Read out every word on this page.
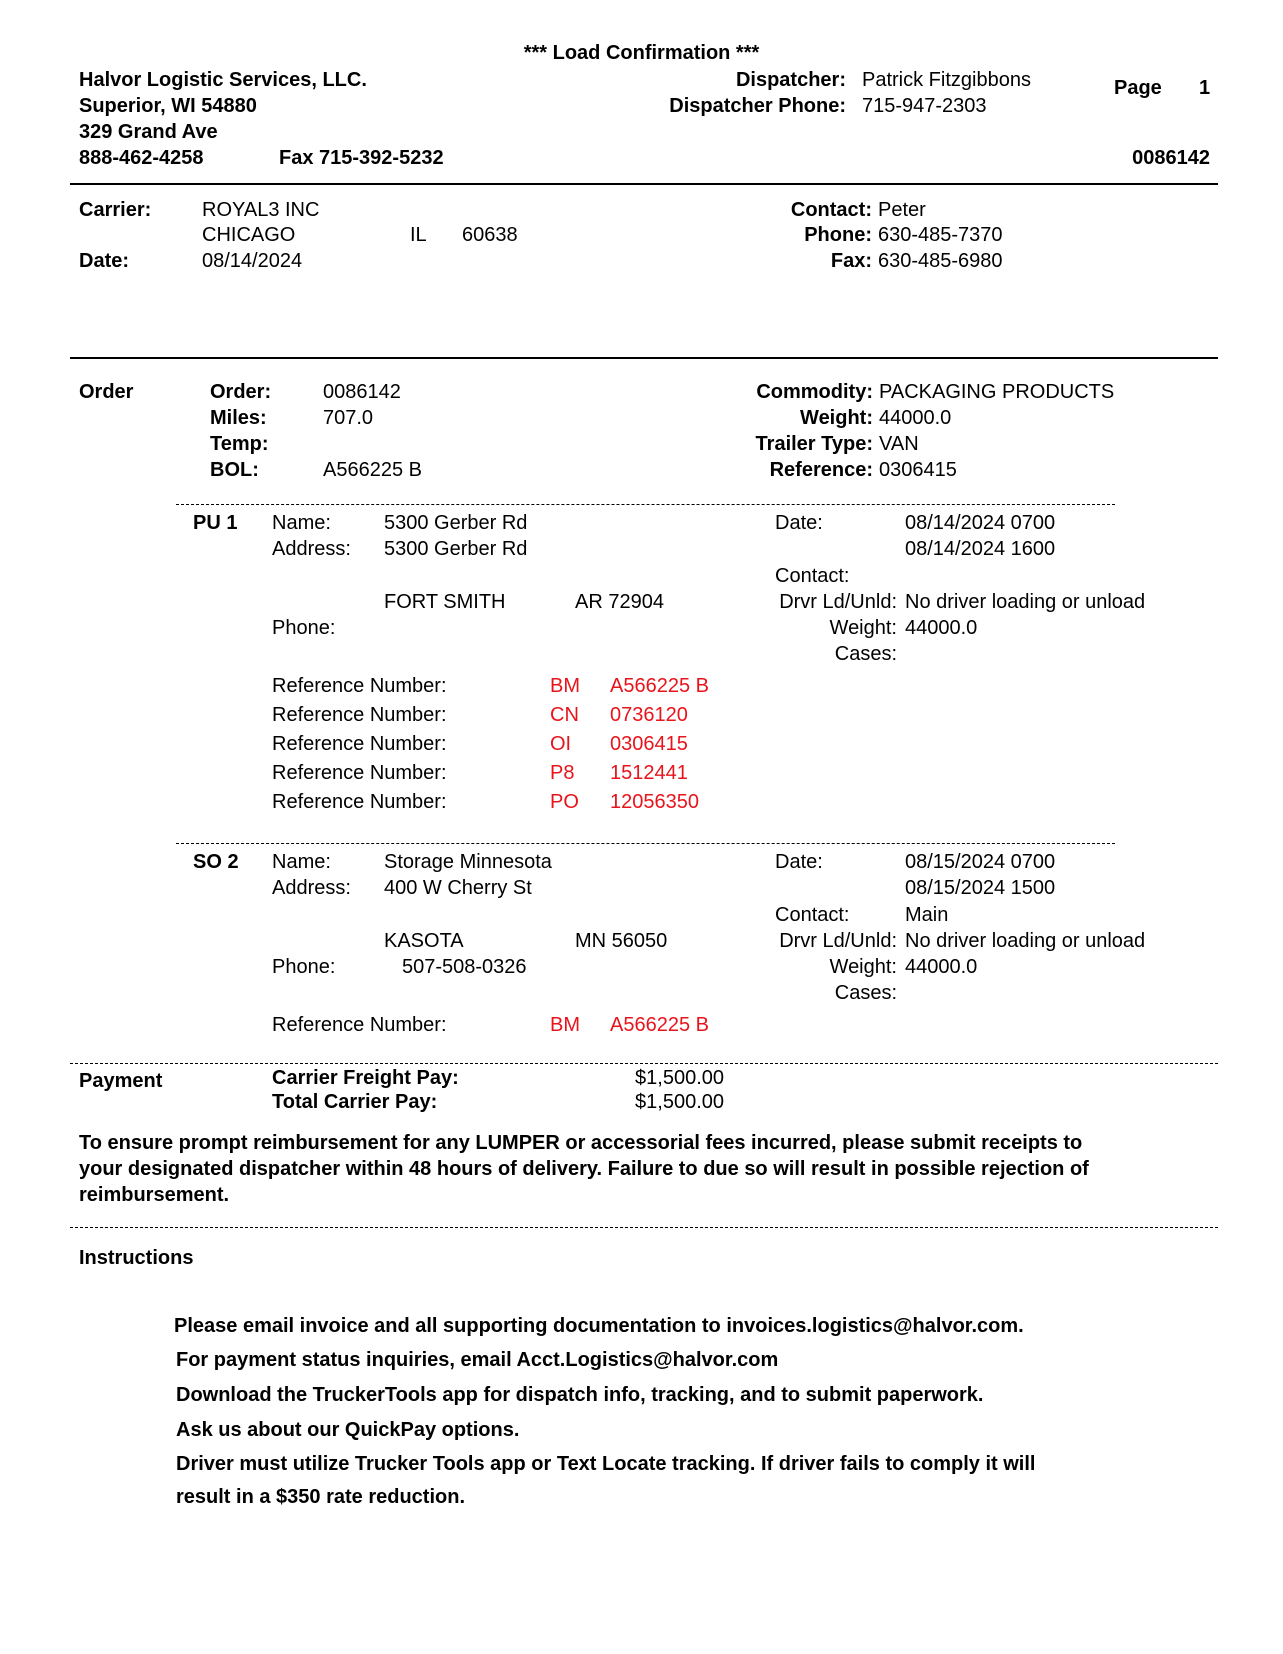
*** Load Confirmation ***
Halvor Logistic Services, LLC.
Superior, WI 54880
329 Grand Ave
888-462-4258	Fax 715-392-5232
Dispatcher: Patrick Fitzgibbons
Dispatcher Phone: 715-947-2303
Page 1
0086142
Carrier:	ROYAL3 INC
CHICAGO	IL 60638
Date:	08/14/2024
Contact: Peter
Phone: 630-485-7370
Fax: 630-485-6980
Order	Order:	0086142
Miles:	707.0
Temp:
BOL:	A566225 B
Commodity: PACKAGING PRODUCTS
Weight: 44000.0
Trailer Type: VAN
Reference: 0306415
PU 1 Name:	5300 Gerber Rd
Address: 5300 Gerber Rd
FORT SMITH	AR 72904
Phone:
Date:	08/14/2024 0700
08/14/2024 1600
Contact:
Drvr Ld/Unld: No driver loading or unload
Weight: 44000.0
Cases:
Reference Number:	BM A566225 B
Reference Number:	CN 0736120
Reference Number:	OI 0306415
Reference Number:	P8 1512441
Reference Number:	PO 12056350
SO 2 Name:	Storage Minnesota
Address: 400 W Cherry St
KASOTA	MN 56050
Phone:	507-508-0326
Date:	08/15/2024 0700
08/15/2024 1500
Contact:	Main
Drvr Ld/Unld: No driver loading or unload
Weight: 44000.0
Cases:
Reference Number:	BM A566225 B
Payment	Carrier Freight Pay:	$1,500.00
Total Carrier Pay:	$1,500.00
To ensure prompt reimbursement for any LUMPER or accessorial fees incurred, please submit receipts to
your designated dispatcher within 48 hours of delivery. Failure to due so will result in possible rejection of
reimbursement.
Instructions
Please email invoice and all supporting documentation to invoices.logistics@halvor.com.
For payment status inquiries, email Acct.Logistics@halvor.com
Download the TruckerTools app for dispatch info, tracking, and to submit paperwork.
Ask us about our QuickPay options.
Driver must utilize Trucker Tools app or Text Locate tracking. If driver fails to comply it will
result in a $350 rate reduction.
